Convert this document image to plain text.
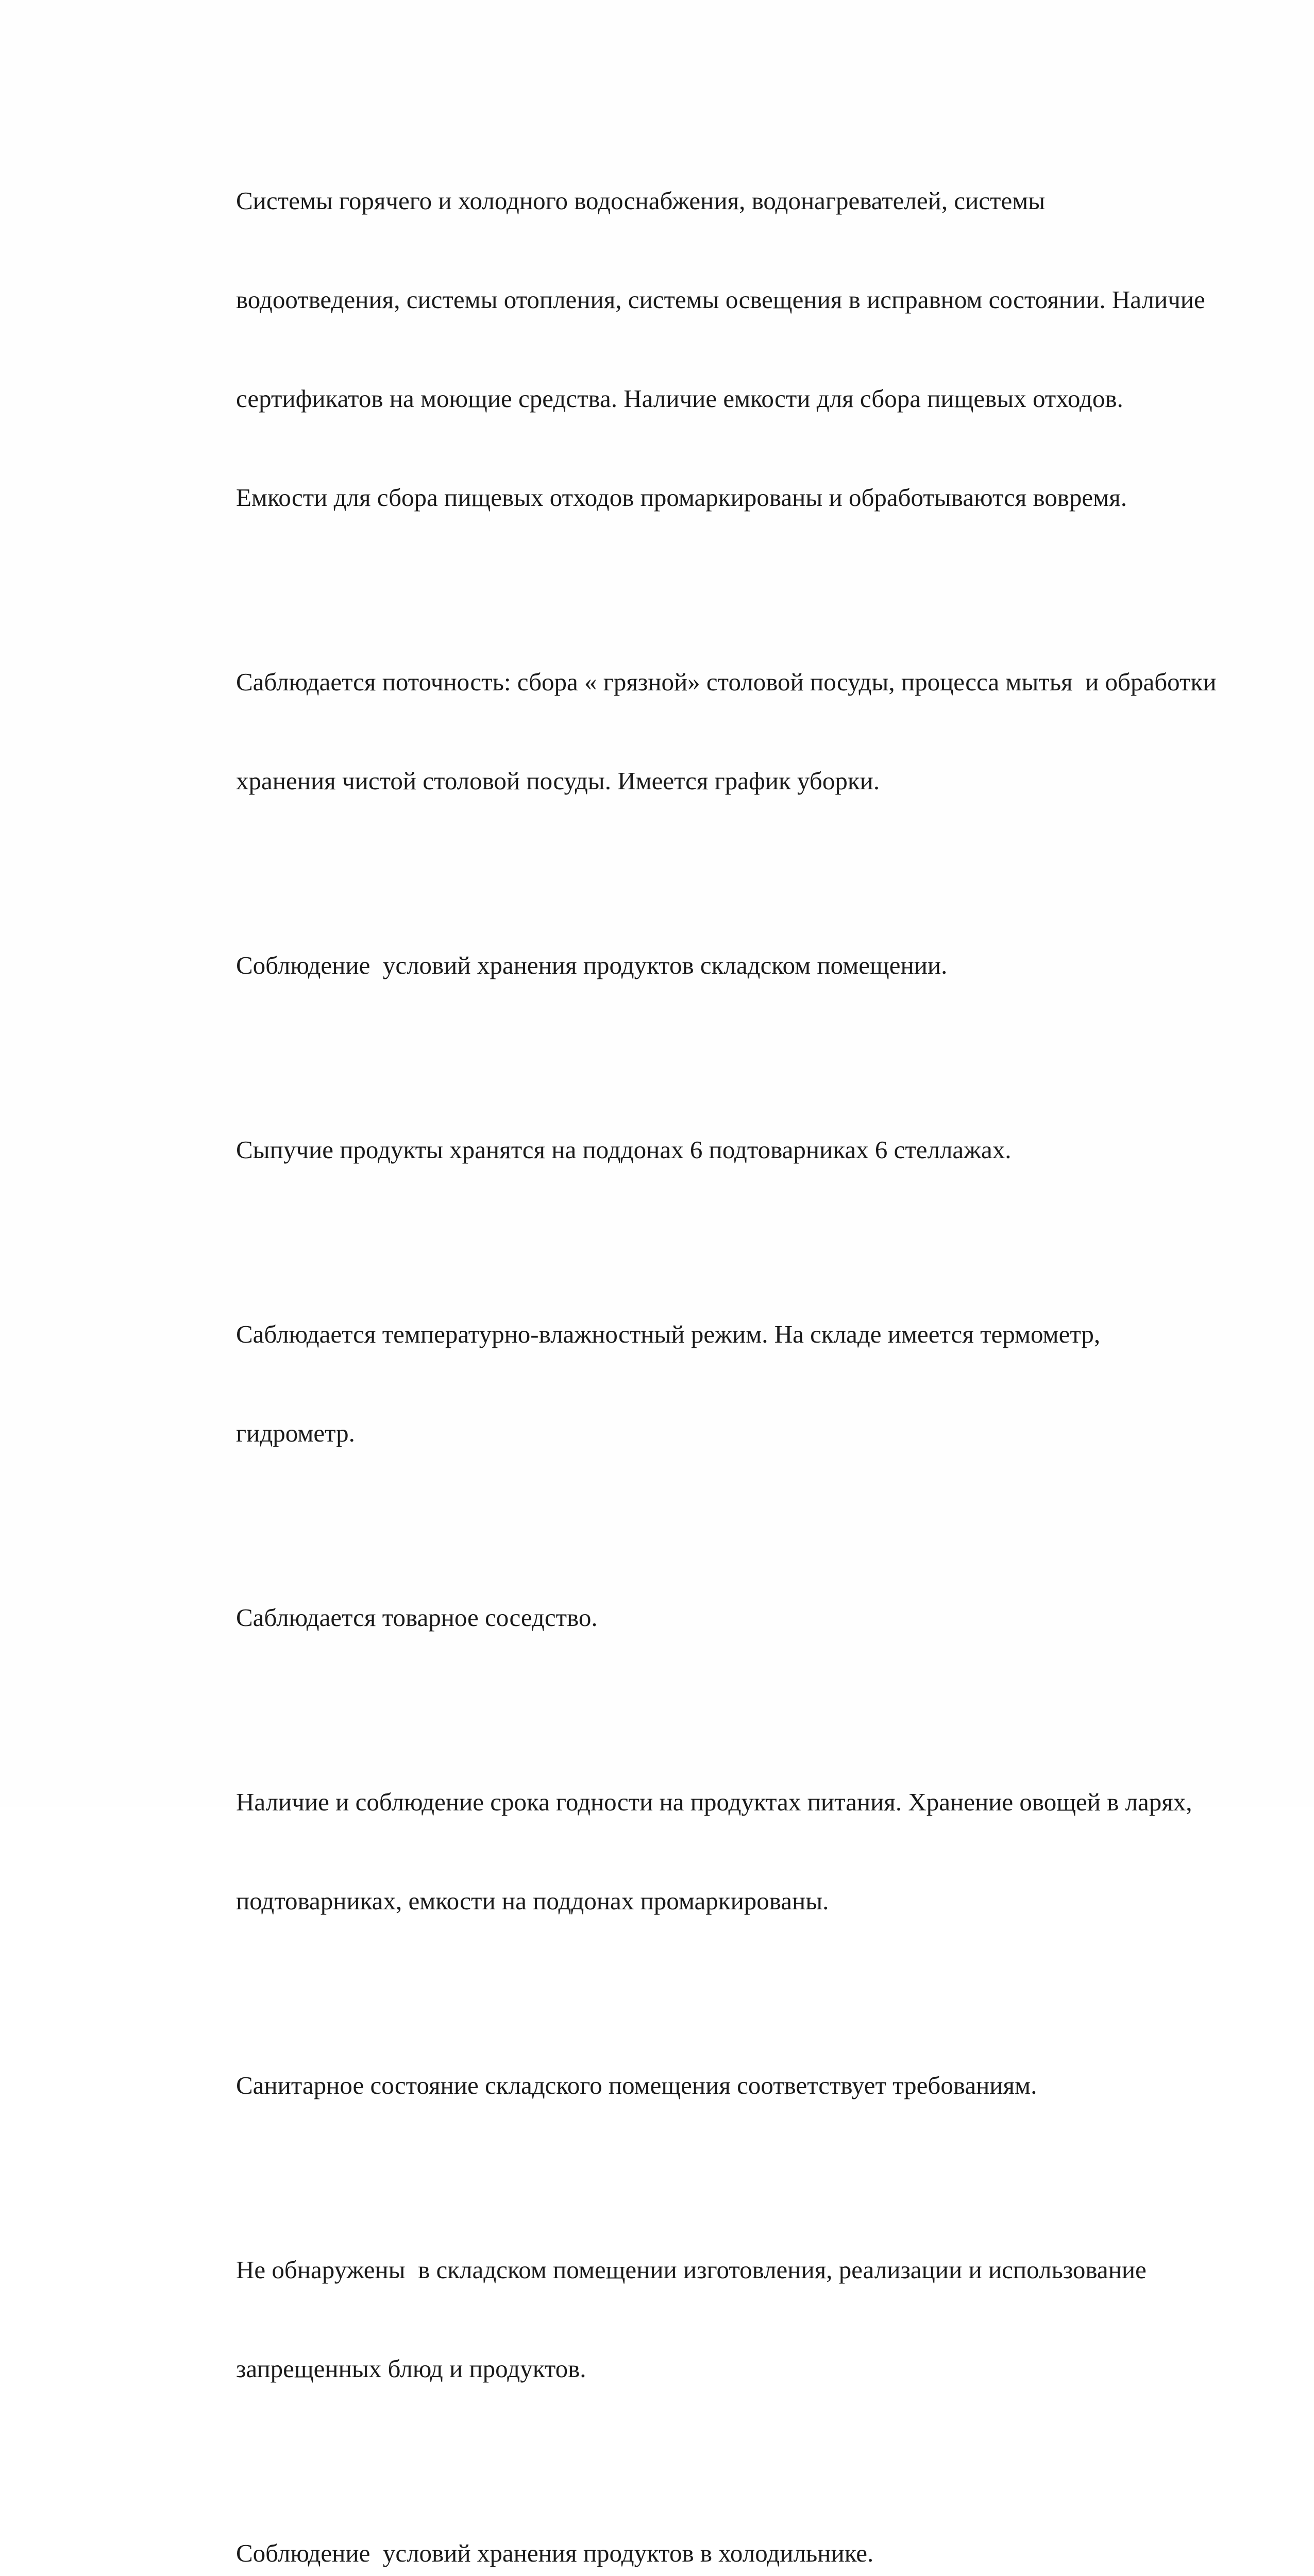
Системы горячего и холодного водоснабжения, водонагревателей, системы

водоотведения, системы отопления, системы освещения в исправном состоянии. Наличие

сертификатов на моющие средства. Наличие емкости для сбора пищевых отходов.

Емкости для сбора пищевых отходов промаркированы и обработываются вовремя.

Саблюдается поточность: сбора « грязной» столовой посуды, процесса мытья  и обработки

хранения чистой столовой посуды. Имеется график уборки.

Соблюдение  условий хранения продуктов складском помещении.

Сыпучие продукты хранятся на поддонах 6 подтоварниках 6 стеллажах.

Саблюдается температурно-влажностный режим. На складе имеется термометр,

гидрометр.

Саблюдается товарное соседство.

Наличие и соблюдение срока годности на продуктах питания. Хранение овощей в ларях,

подтоварниках, емкости на поддонах промаркированы.

Санитарное состояние складского помещения соответствует требованиям.

Не обнаружены  в складском помещении изготовления, реализации и использование

запрещенных блюд и продуктов.

Соблюдение  условий хранения продуктов в холодильнике.
